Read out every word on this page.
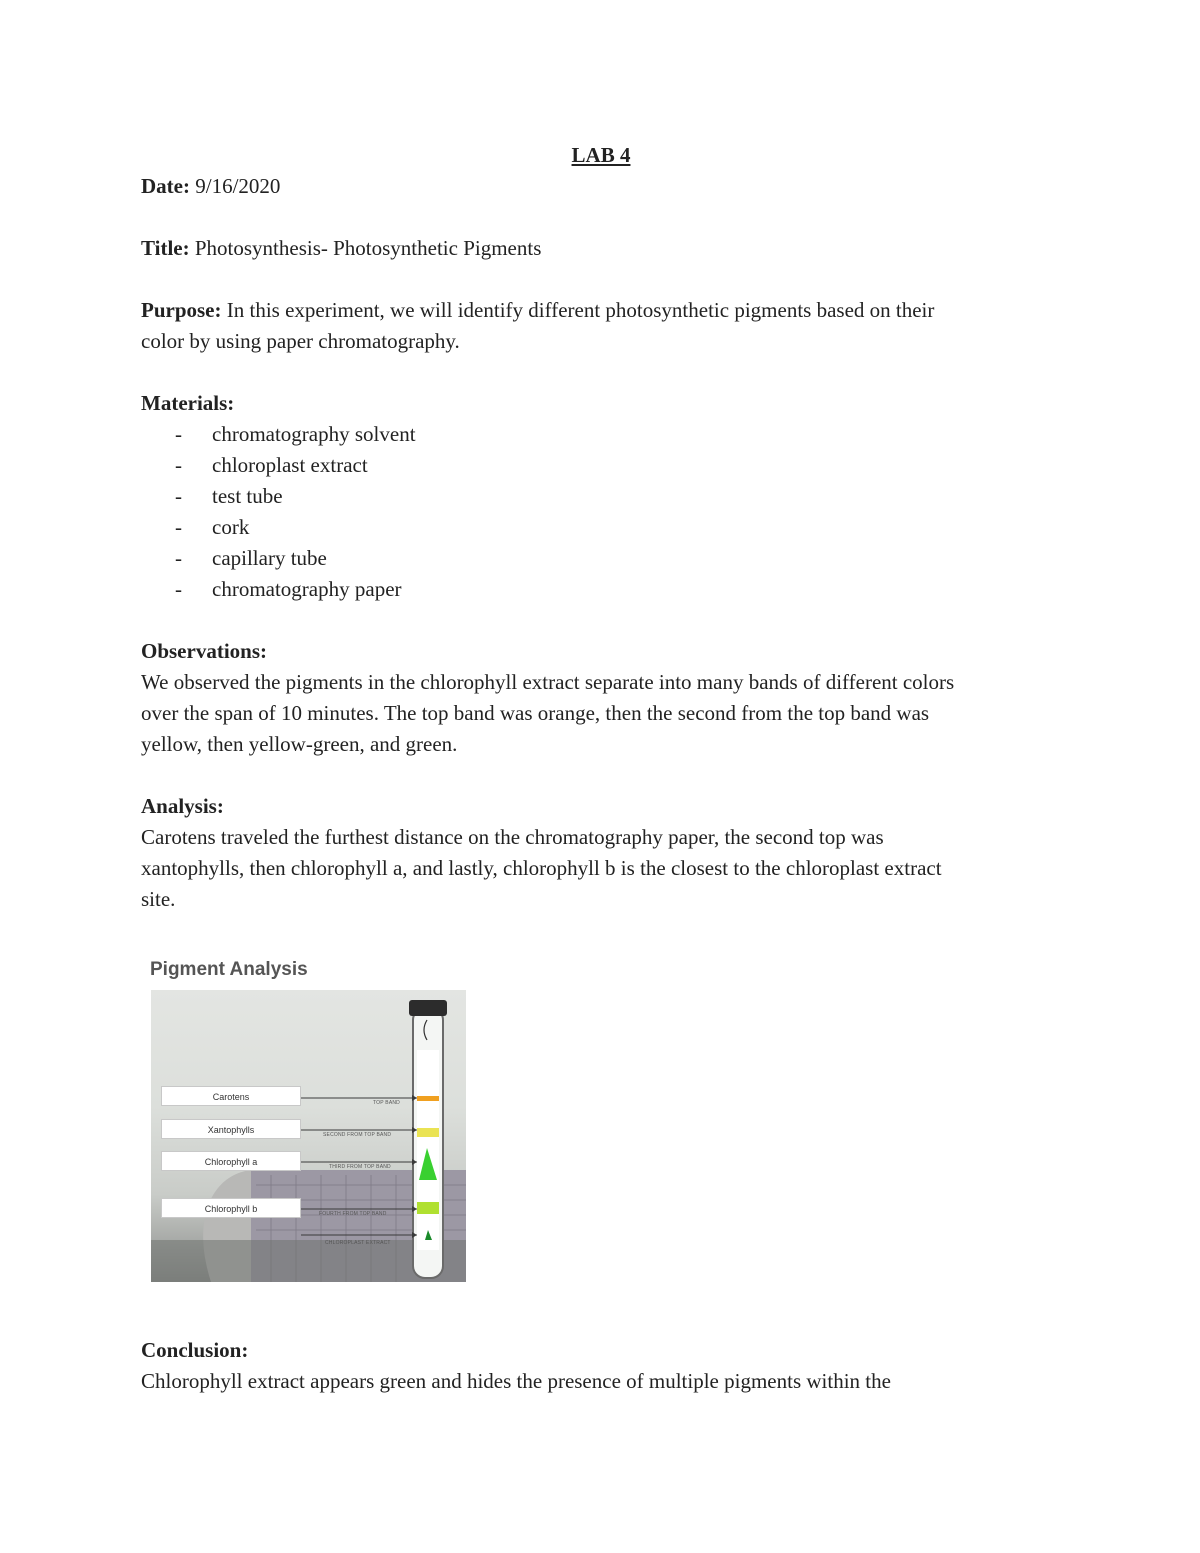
LAB 4

Date: 9/16/2020

Title: Photosynthesis- Photosynthetic Pigments

Purpose: In this experiment, we will identify different photosynthetic pigments based on their
color by using paper chromatography.

Materials:

- chromatography solvent
- chloroplast extract
- test tube
- cork
- capillary tube
- chromatography paper

Observations:
We observed the pigments in the chlorophyll extract separate into many bands of different colors
over the span of 10 minutes. The top band was orange, then the second from the top band was
yellow, then yellow-green, and green.

Analysis:
Carotens traveled the furthest distance on the chromatography paper, the second top was
xantophylls, then chlorophyll a, and lastly, chlorophyll b is the closest to the chloroplast extract
site.

Pigment Analysis
Carotens
Xantophylls
Chlorophyll a
Chlorophyll b
TOP BAND
SECOND FROM TOP BAND
THIRD FROM TOP BAND
FOURTH FROM TOP BAND
CHLOROPLAST EXTRACT

Conclusion:
Chlorophyll extract appears green and hides the presence of multiple pigments within the
